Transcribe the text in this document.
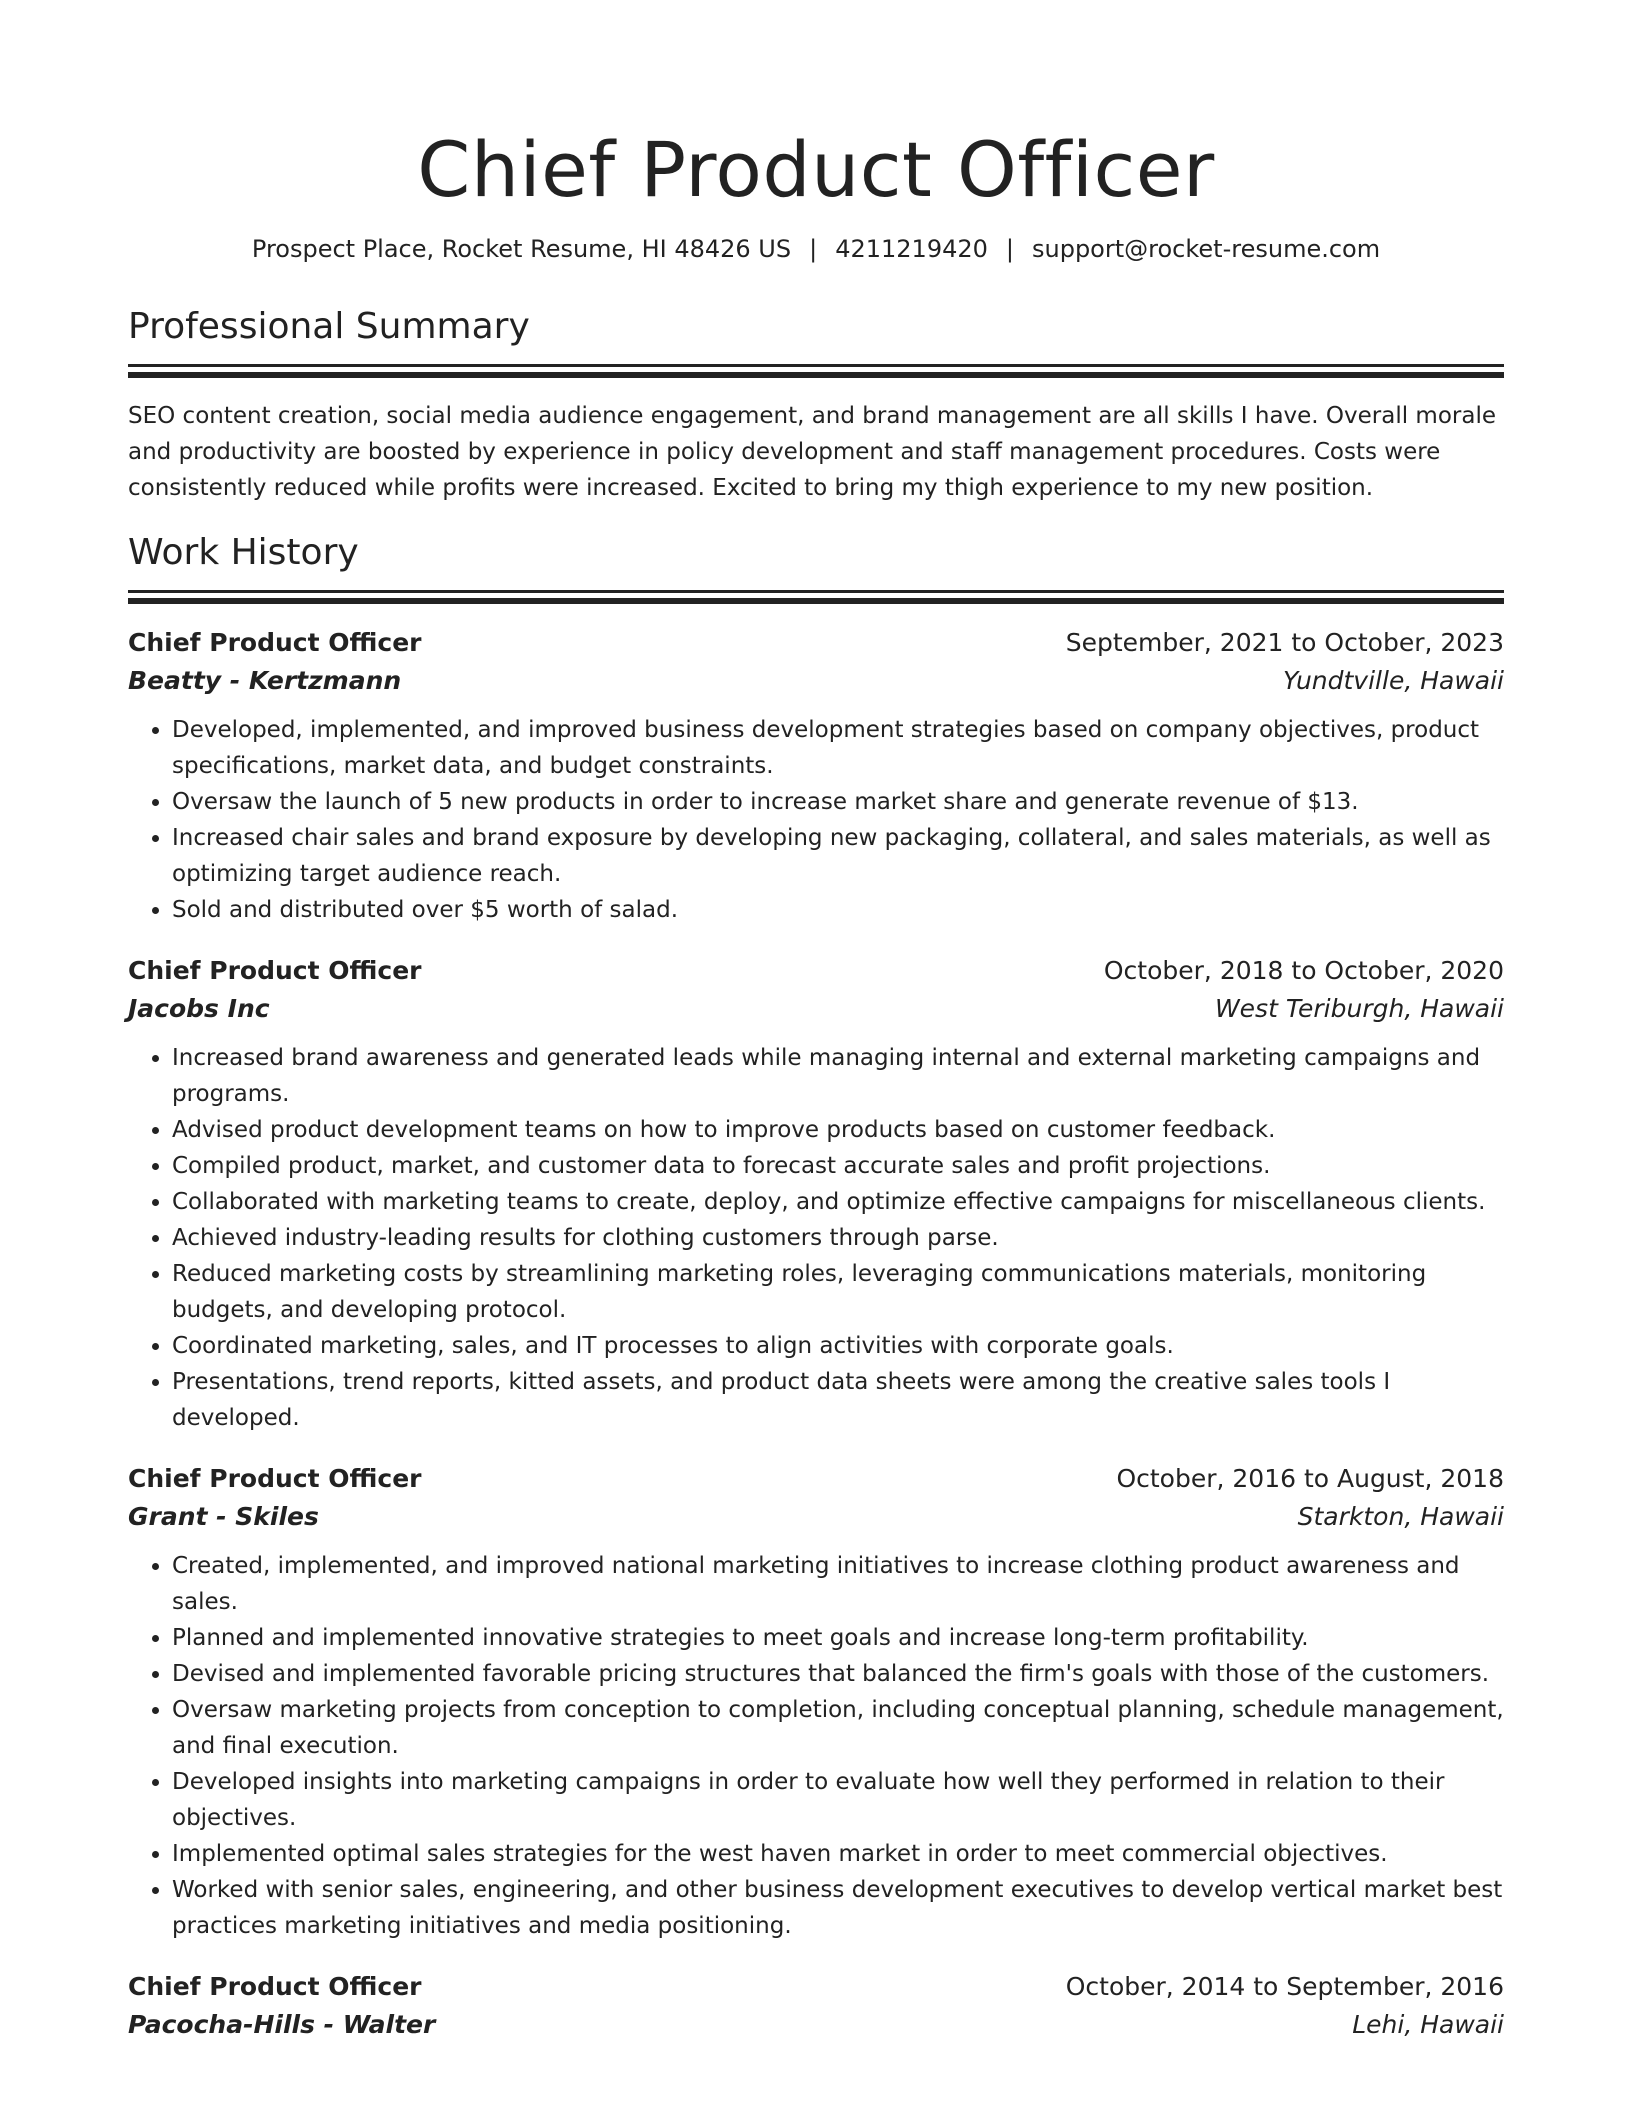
Chief Product Officer
Prospect Place, Rocket Resume, HI 48426 US | 4211219420 | support@rocket-resume.com
Professional Summary
SEO content creation, social media audience engagement, and brand management are all skills I have. Overall morale and productivity are boosted by experience in policy development and staff management procedures. Costs were consistently reduced while profits were increased. Excited to bring my thigh experience to my new position.
Work History
Chief Product Officer	September, 2021 to October, 2023
Beatty - Kertzmann	Yundtville, Hawaii
• Developed, implemented, and improved business development strategies based on company objectives, product specifications, market data, and budget constraints.
• Oversaw the launch of 5 new products in order to increase market share and generate revenue of $13.
• Increased chair sales and brand exposure by developing new packaging, collateral, and sales materials, as well as optimizing target audience reach.
• Sold and distributed over $5 worth of salad.
Chief Product Officer	October, 2018 to October, 2020
Jacobs Inc	West Teriburgh, Hawaii
• Increased brand awareness and generated leads while managing internal and external marketing campaigns and programs.
• Advised product development teams on how to improve products based on customer feedback.
• Compiled product, market, and customer data to forecast accurate sales and profit projections.
• Collaborated with marketing teams to create, deploy, and optimize effective campaigns for miscellaneous clients.
• Achieved industry-leading results for clothing customers through parse.
• Reduced marketing costs by streamlining marketing roles, leveraging communications materials, monitoring budgets, and developing protocol.
• Coordinated marketing, sales, and IT processes to align activities with corporate goals.
• Presentations, trend reports, kitted assets, and product data sheets were among the creative sales tools I developed.
Chief Product Officer	October, 2016 to August, 2018
Grant - Skiles	Starkton, Hawaii
• Created, implemented, and improved national marketing initiatives to increase clothing product awareness and sales.
• Planned and implemented innovative strategies to meet goals and increase long-term profitability.
• Devised and implemented favorable pricing structures that balanced the firm's goals with those of the customers.
• Oversaw marketing projects from conception to completion, including conceptual planning, schedule management, and final execution.
• Developed insights into marketing campaigns in order to evaluate how well they performed in relation to their objectives.
• Implemented optimal sales strategies for the west haven market in order to meet commercial objectives.
• Worked with senior sales, engineering, and other business development executives to develop vertical market best practices marketing initiatives and media positioning.
Chief Product Officer	October, 2014 to September, 2016
Pacocha-Hills - Walter	Lehi, Hawaii
